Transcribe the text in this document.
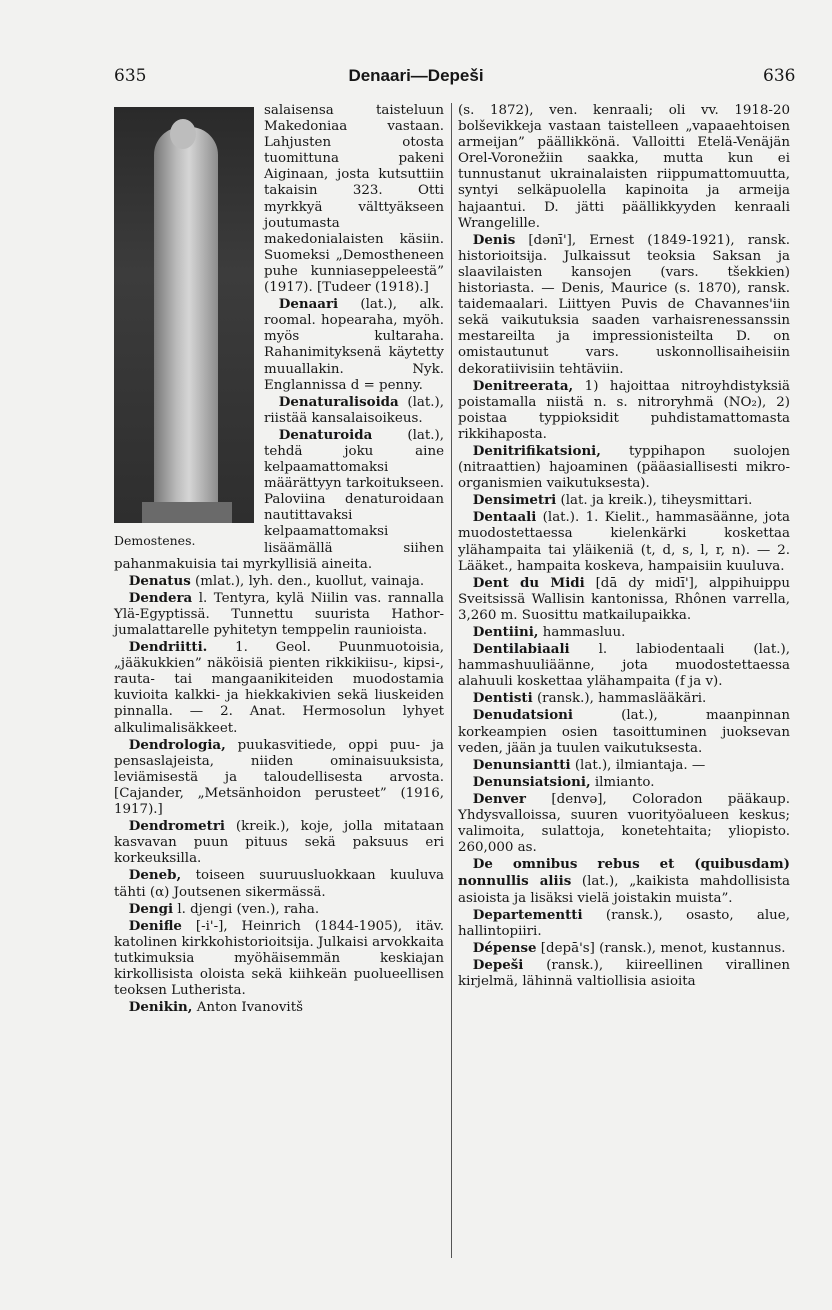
635	Denaari—Depeši	636
Demostenes.

salaisensa taisteluun Makedoniaa vastaan. Lahjusten otosta tuomittuna pakeni Aiginaan, josta kutsuttiin takaisin 323. Otti myrkkyä välttyäkseen joutumasta makedonialaisten käsiin. Suomeksi „Demostheneen puhe kunniaseppeleestä” (1917). [Tudeer (1918).]

Denaari (lat.), alk. roomal. hopearaha, myöh. myös kultaraha. Rahanimityksenä käytetty muuallakin. Nyk. Englannissa d = penny.

Denaturalisoida (lat.), riistää kansalaisoikeus.

Denaturoida (lat.), tehdä joku aine kelpaamattomaksi määrättyyn tarkoitukseen. Paloviina denaturoidaan nautittavaksi kelpaamattomaksi lisäämällä siihen pahanmakuisia tai myrkyllisiä aineita.

Denatus (mlat.), lyh. den., kuollut, vainaja.

Dendera l. Tentyra, kylä Niilin vas. rannalla Ylä-Egyptissä. Tunnettu suurista Hathor-jumalattarelle pyhitetyn temppelin raunioista.

Dendriitti. 1. Geol. Puunmuotoisia, „jääkukkien” näköisiä pienten rikkikiisu-, kipsi-, rauta- tai mangaanikiteiden muodostamia kuvioita kalkki- ja hiekkakivien sekä liuskeiden pinnalla. — 2. Anat. Hermosolun lyhyet alkulimalisäkkeet.

Dendrologia, puukasvitiede, oppi puu- ja pensaslajeista, niiden ominaisuuksista, leviämisestä ja taloudellisesta arvosta. [Cajander, „Metsänhoidon perusteet” (1916, 1917).]

Dendrometri (kreik.), koje, jolla mitataan kasvavan puun pituus sekä paksuus eri korkeuksilla.

Deneb, toiseen suuruusluokkaan kuuluva tähti (α) Joutsenen sikermässä.

Dengi l. djengi (ven.), raha.

Denifle [-i'-], Heinrich (1844-1905), itäv. katolinen kirkkohistorioitsija. Julkaisi arvokkaita tutkimuksia myöhäisemmän keskiajan kirkollisista oloista sekä kiihkeän puolueellisen teoksen Lutherista.

Denikin, Anton Ivanovitš

(s. 1872), ven. kenraali; oli vv. 1918-20 bolševikkeja vastaan taistelleen „vapaaehtoisen armeijan” päällikkönä. Valloitti Etelä-Venäjän Orel-Voronežiin saakka, mutta kun ei tunnustanut ukrainalaisten riippumattomuutta, syntyi selkäpuolella kapinoita ja armeija hajaantui. D. jätti päällikkyyden kenraali Wrangelille.

Denis [dənī'], Ernest (1849-1921), ransk. historioitsija. Julkaissut teoksia Saksan ja slaavilaisten kansojen (vars. tšekkien) historiasta. — Denis, Maurice (s. 1870), ransk. taidemaalari. Liittyen Puvis de Chavannes'iin sekä vaikutuksia saaden varhaisrenessanssin mestareilta ja impressionisteilta D. on omistautunut vars. uskonnollisaiheisiin dekoratiivisiin tehtäviin.

Denitreerata, 1) hajoittaa nitroyhdistyksiä poistamalla niistä n. s. nitroryhmä (NO₂), 2) poistaa typpioksidit puhdistamattomasta rikkihaposta.

Denitrifikatsioni, typpihapon suolojen (nitraattien) hajoaminen (pääasiallisesti mikro-organismien vaikutuksesta).

Densimetri (lat. ja kreik.), tiheysmittari.

Dentaali (lat.). 1. Kielit., hammasäänne, jota muodostettaessa kielenkärki koskettaa ylähampaita tai yläikeniä (t, d, s, l, r, n). — 2. Lääket., hampaita koskeva, hampaisiin kuuluva.

Dent du Midi [dā dy midī'], alppihuippu Sveitsissä Wallisin kantonissa, Rhônen varrella, 3,260 m. Suosittu matkailupaikka.

Dentiini, hammasluu.

Dentilabiaali l. labiodentaali (lat.), hammashuuliäänne, jota muodostettaessa alahuuli koskettaa ylähampaita (f ja v).

Dentisti (ransk.), hammaslääkäri.

Denudatsioni (lat.), maanpinnan korkeampien osien tasoittuminen juoksevan veden, jään ja tuulen vaikutuksesta.

Denunsiantti (lat.), ilmiantaja. —

Denunsiatsioni, ilmianto.

Denver [denvə], Coloradon pääkaup. Yhdysvalloissa, suuren vuorityöalueen keskus; valimoita, sulattoja, konetehtaita; yliopisto. 260,000 as.

De omnibus rebus et (quibusdam) nonnullis aliis (lat.), „kaikista mahdollisista asioista ja lisäksi vielä joistakin muista”.

Departementti (ransk.), osasto, alue, hallintopiiri.

Dépense [depā's] (ransk.), menot, kustannus.

Depeši (ransk.), kiireellinen virallinen kirjelmä, lähinnä valtiollisia asioita
